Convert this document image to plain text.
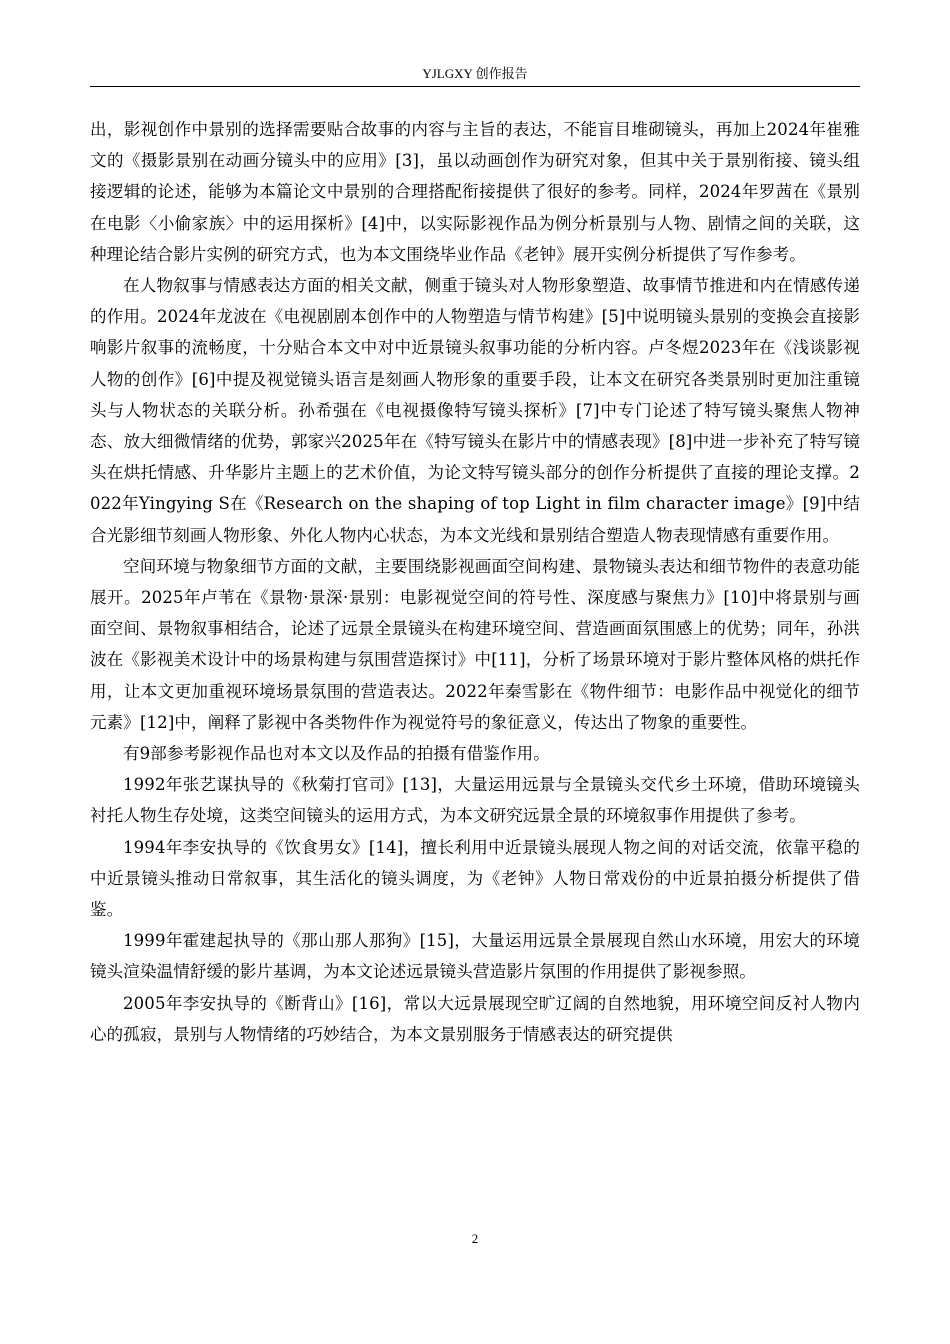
YJLGXY 创作报告

出，影视创作中景别的选择需要贴合故事的内容与主旨的表达，不能盲目堆砌镜头，再加上2024年崔雅文的《摄影景别在动画分镜头中的应用》[3]，虽以动画创作为研究对象，但其中关于景别衔接、镜头组接逻辑的论述，能够为本篇论文中景别的合理搭配衔接提供了很好的参考。同样，2024年罗茜在《景别在电影〈小偷家族〉中的运用探析》[4]中，以实际影视作品为例分析景别与人物、剧情之间的关联，这种理论结合影片实例的研究方式，也为本文围绕毕业作品《老钟》展开实例分析提供了写作参考。

在人物叙事与情感表达方面的相关文献，侧重于镜头对人物形象塑造、故事情节推进和内在情感传递的作用。2024年龙波在《电视剧剧本创作中的人物塑造与情节构建》[5]中说明镜头景别的变换会直接影响影片叙事的流畅度，十分贴合本文中对中近景镜头叙事功能的分析内容。卢冬煜2023年在《浅谈影视人物的创作》[6]中提及视觉镜头语言是刻画人物形象的重要手段，让本文在研究各类景别时更加注重镜头与人物状态的关联分析。孙希强在《电视摄像特写镜头探析》[7]中专门论述了特写镜头聚焦人物神态、放大细微情绪的优势，郭家兴2025年在《特写镜头在影片中的情感表现》[8]中进一步补充了特写镜头在烘托情感、升华影片主题上的艺术价值，为论文特写镜头部分的创作分析提供了直接的理论支撑。2022年Yingying S在《Research on the shaping of top Light in film character image》[9]中结合光影细节刻画人物形象、外化人物内心状态，为本文光线和景别结合塑造人物表现情感有重要作用。

空间环境与物象细节方面的文献，主要围绕影视画面空间构建、景物镜头表达和细节物件的表意功能展开。2025年卢苇在《景物·景深·景别：电影视觉空间的符号性、深度感与聚焦力》[10]中将景别与画面空间、景物叙事相结合，论述了远景全景镜头在构建环境空间、营造画面氛围感上的优势；同年，孙洪波在《影视美术设计中的场景构建与氛围营造探讨》中[11]，分析了场景环境对于影片整体风格的烘托作用，让本文更加重视环境场景氛围的营造表达。2022年秦雪影在《物件细节：电影作品中视觉化的细节元素》[12]中，阐释了影视中各类物件作为视觉符号的象征意义，传达出了物象的重要性。

有9部参考影视作品也对本文以及作品的拍摄有借鉴作用。

1992年张艺谋执导的《秋菊打官司》[13]，大量运用远景与全景镜头交代乡土环境，借助环境镜头衬托人物生存处境，这类空间镜头的运用方式，为本文研究远景全景的环境叙事作用提供了参考。

1994年李安执导的《饮食男女》[14]，擅长利用中近景镜头展现人物之间的对话交流，依靠平稳的中近景镜头推动日常叙事，其生活化的镜头调度，为《老钟》人物日常戏份的中近景拍摄分析提供了借鉴。

1999年霍建起执导的《那山那人那狗》[15]，大量运用远景全景展现自然山水环境，用宏大的环境镜头渲染温情舒缓的影片基调，为本文论述远景镜头营造影片氛围的作用提供了影视参照。

2005年李安执导的《断背山》[16]，常以大远景展现空旷辽阔的自然地貌，用环境空间反衬人物内心的孤寂，景别与人物情绪的巧妙结合，为本文景别服务于情感表达的研究提供

2
